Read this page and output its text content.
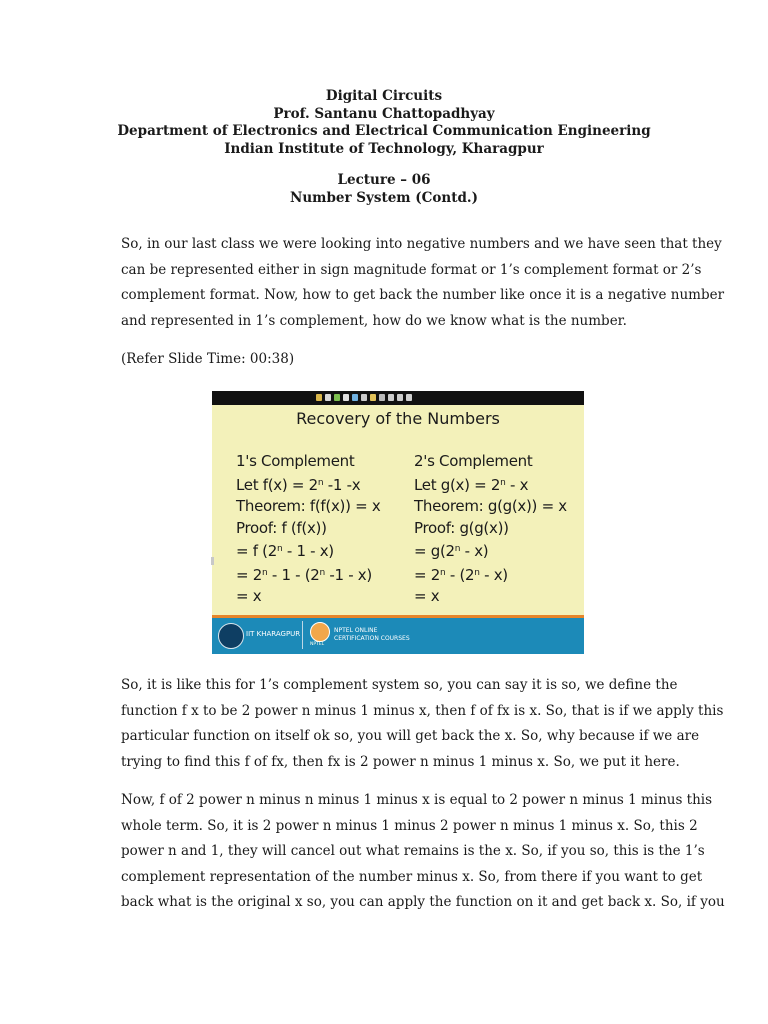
Digital Circuits
Prof. Santanu Chattopadhyay
Department of Electronics and Electrical Communication Engineering
Indian Institute of Technology, Kharagpur
Lecture – 06
Number System (Contd.)
So, in our last class we were looking into negative numbers and we have seen that they
can be represented either in sign magnitude format or 1’s complement format or 2’s
complement format. Now, how to get back the number like once it is a negative number
and represented in 1’s complement, how do we know what is the number.
(Refer Slide Time: 00:38)
Recovery of the Numbers
1's Complement
Let $f(x) = 2^n$ -1 -x
Theorem: f(f(x)) = x
Proof: f (f(x))
= f (2$^n$ - 1 - x)
= $2^n - 1 - (2^n$ -1 - x)
= x
2's Complement
Let $g(x) = 2^n - x$
Theorem: g(g(x)) = x
Proof: g(g(x))
= $g(2^n - x)$
= $2^n - (2^n - x)$
= x
IIT KHARAGPUR
NPTEL
NPTEL ONLINE
CERTIFICATION COURSES
So, it is like this for 1’s complement system so, you can say it is so, we define the
function f x to be 2 power n minus 1 minus x, then f of fx is x. So, that is if we apply this
particular function on itself ok so, you will get back the x. So, why because if we are
trying to find this f of fx, then fx is 2 power n minus 1 minus x. So, we put it here.
Now, f of 2 power n minus n minus 1 minus x is equal to 2 power n minus 1 minus this
whole term. So, it is 2 power n minus 1 minus 2 power n minus 1 minus x. So, this 2
power n and 1, they will cancel out what remains is the x. So, if you so, this is the 1’s
complement representation of the number minus x. So, from there if you want to get
back what is the original x so, you can apply the function on it and get back x. So, if you
